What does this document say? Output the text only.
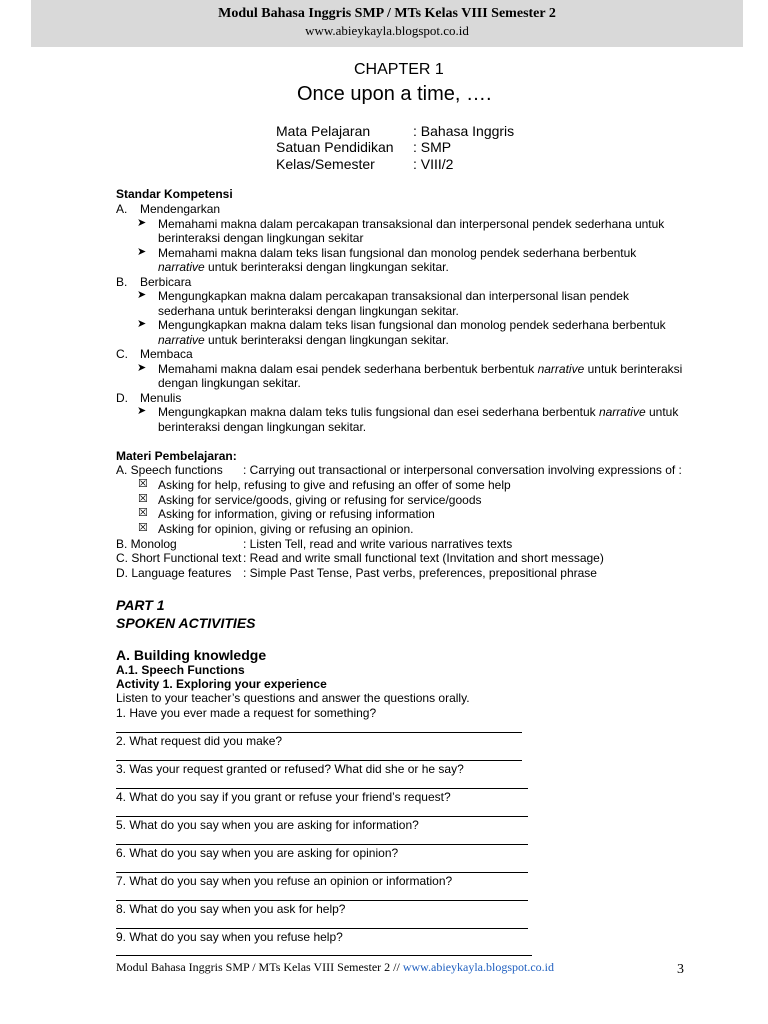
Modul Bahasa Inggris SMP / MTs Kelas VIII Semester 2
www.abieykayla.blogspot.co.id
CHAPTER 1
Once upon a time, ….
Mata Pelajaran	: Bahasa Inggris
Satuan Pendidikan : SMP
Kelas/Semester	: VIII/2
Standar Kompetensi
A. Mendengarkan
➤ Memahami makna dalam percakapan transaksional dan interpersonal pendek sederhana untuk
berinteraksi dengan lingkungan sekitar
➤ Memahami makna dalam teks lisan fungsional dan monolog pendek sederhana berbentuk
narrative untuk berinteraksi dengan lingkungan sekitar.
B. Berbicara
➤ Mengungkapkan makna dalam percakapan transaksional dan interpersonal lisan pendek
sederhana untuk berinteraksi dengan lingkungan sekitar.
➤ Mengungkapkan makna dalam teks lisan fungsional dan monolog pendek sederhana berbentuk
narrative untuk berinteraksi dengan lingkungan sekitar.
C. Membaca
➤ Memahami makna dalam esai pendek sederhana berbentuk berbentuk narrative untuk berinteraksi
dengan lingkungan sekitar.
D. Menulis
➤ Mengungkapkan makna dalam teks tulis fungsional dan esei sederhana berbentuk narrative untuk
berinteraksi dengan lingkungan sekitar.
Materi Pembelajaran:
A. Speech functions : Carrying out transactional or interpersonal conversation involving expressions of :
☒ Asking for help, refusing to give and refusing an offer of some help
☒ Asking for service/goods, giving or refusing for service/goods
☒ Asking for information, giving or refusing information
☒ Asking for opinion, giving or refusing an opinion.
B. Monolog	: Listen Tell, read and write various narratives texts
C. Short Functional text : Read and write small functional text (Invitation and short message)
D. Language features : Simple Past Tense, Past verbs, preferences, prepositional phrase
PART 1
SPOKEN ACTIVITIES
A. Building knowledge
A.1. Speech Functions
Activity 1. Exploring your experience
Listen to your teacher’s questions and answer the questions orally.
1. Have you ever made a request for something?
2. What request did you make?
3. Was your request granted or refused? What did she or he say?
4. What do you say if you grant or refuse your friend’s request?
5. What do you say when you are asking for information?
6. What do you say when you are asking for opinion?
7. What do you say when you refuse an opinion or information?
8. What do you say when you ask for help?
9. What do you say when you refuse help?
Modul Bahasa Inggris SMP / MTs Kelas VIII Semester 2 // www.abieykayla.blogspot.co.id	3
